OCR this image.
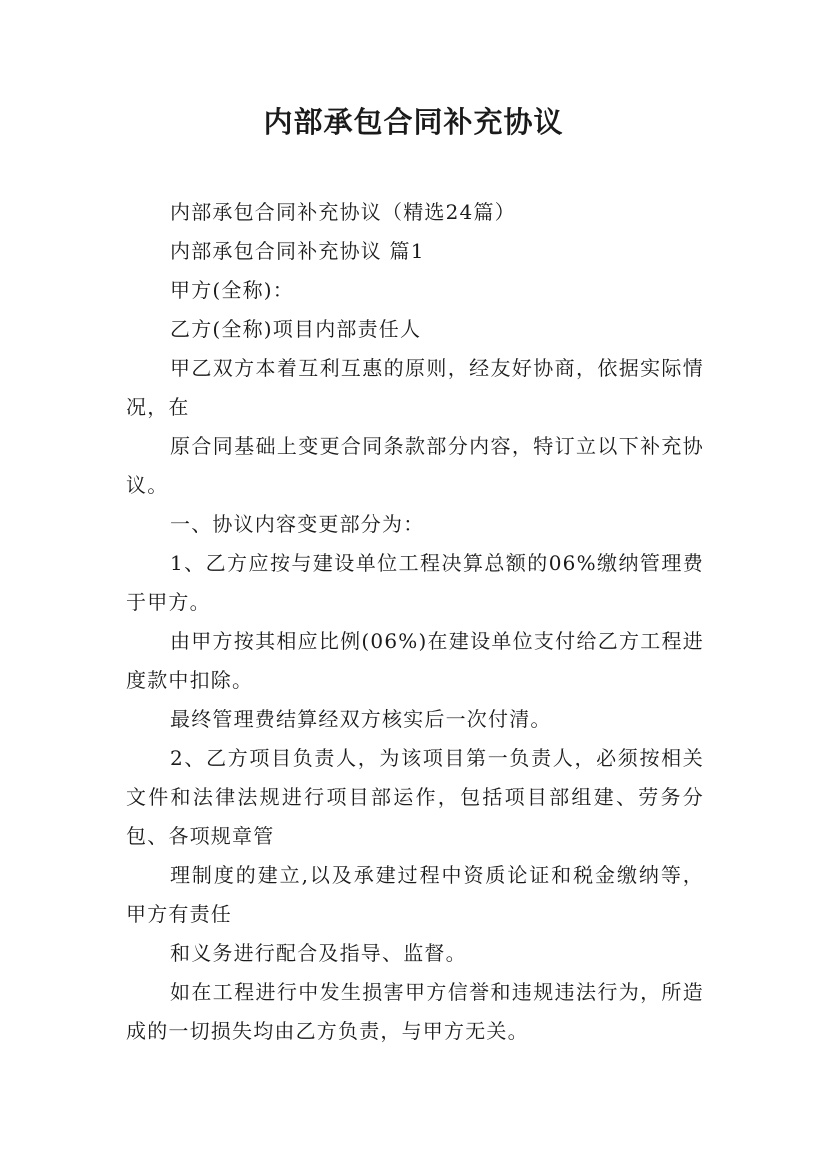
内部承包合同补充协议

内部承包合同补充协议（精选24篇）

内部承包合同补充协议 篇1

甲方(全称)：

乙方(全称)项目内部责任人

甲乙双方本着互利互惠的原则，经友好协商，依据实际情况，在

原合同基础上变更合同条款部分内容，特订立以下补充协议。

一、协议内容变更部分为：

1、乙方应按与建设单位工程决算总额的06%缴纳管理费于甲方。

由甲方按其相应比例(06%)在建设单位支付给乙方工程进度款中扣除。

最终管理费结算经双方核实后一次付清。

2、乙方项目负责人，为该项目第一负责人，必须按相关文件和法律法规进行项目部运作，包括项目部组建、劳务分包、各项规章管

理制度的建立,以及承建过程中资质论证和税金缴纳等，甲方有责任

和义务进行配合及指导、监督。

如在工程进行中发生损害甲方信誉和违规违法行为，所造成的一切损失均由乙方负责，与甲方无关。
